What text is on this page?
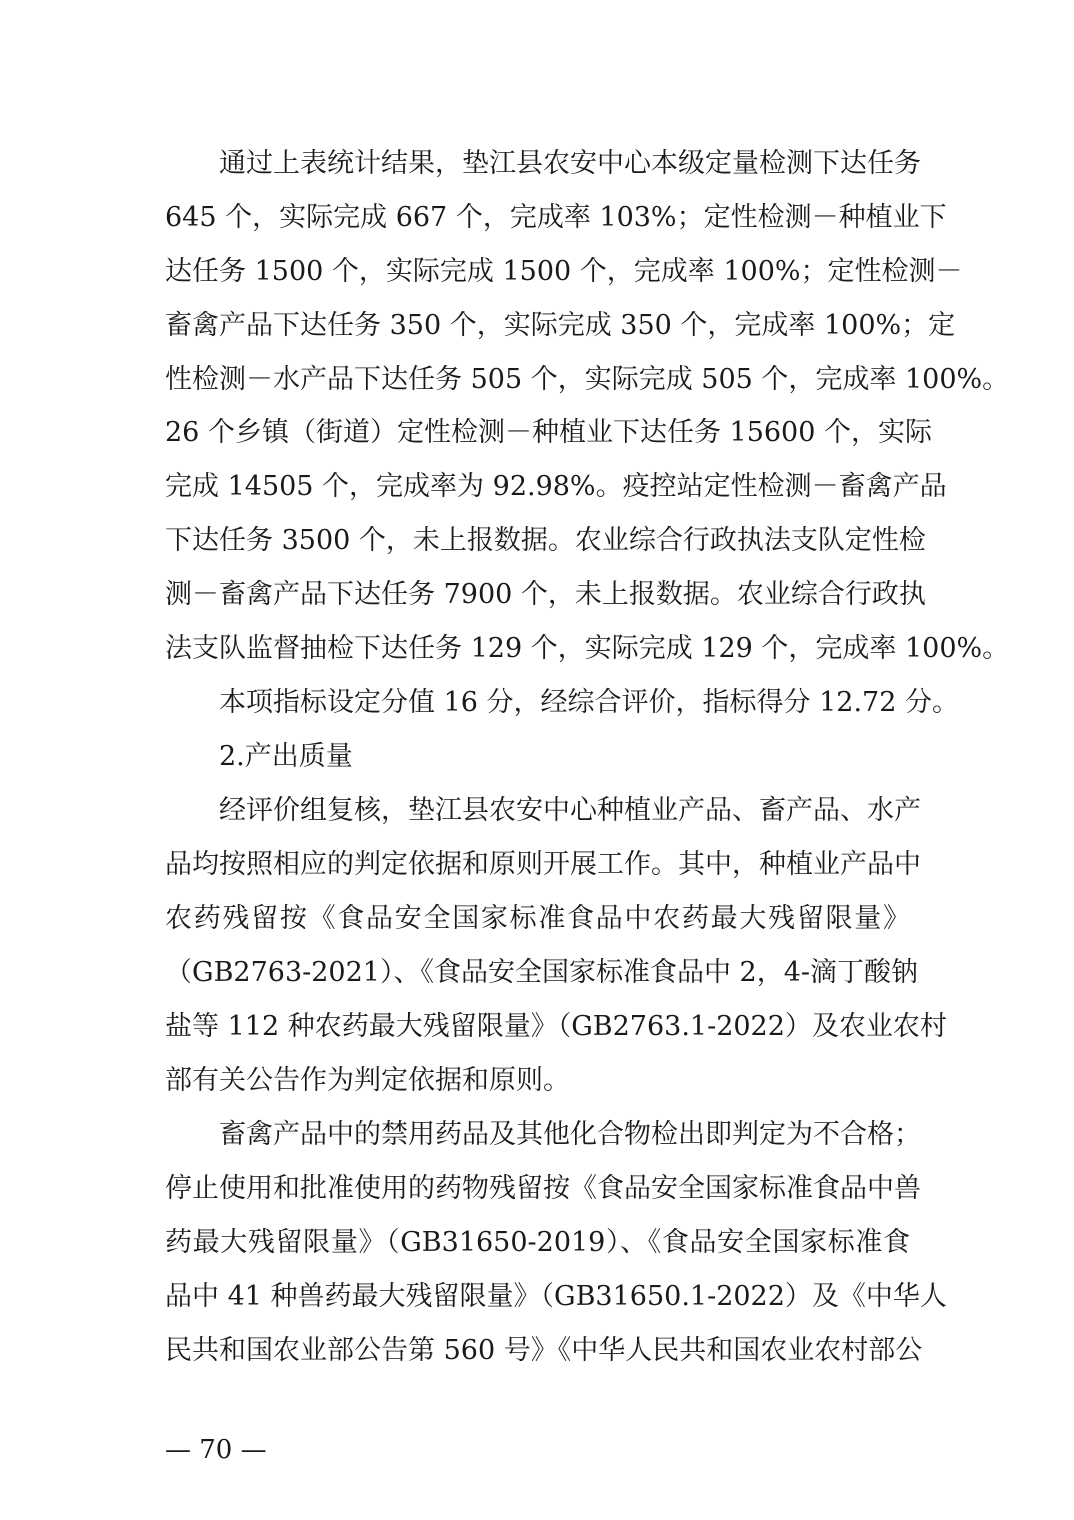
通过上表统计结果，垫江县农安中心本级定量检测下达任务
645 个，实际完成 667 个，完成率 103%；定性检测－种植业下
达任务 1500 个，实际完成 1500 个，完成率 100%；定性检测－
畜禽产品下达任务 350 个，实际完成 350 个，完成率 100%；定
性检测－水产品下达任务 505 个，实际完成 505 个，完成率 100%。
26 个乡镇（街道）定性检测－种植业下达任务 15600 个，实际
完成 14505 个，完成率为 92.98%。疫控站定性检测－畜禽产品
下达任务 3500 个，未上报数据。农业综合行政执法支队定性检
测－畜禽产品下达任务 7900 个，未上报数据。农业综合行政执
法支队监督抽检下达任务 129 个，实际完成 129 个，完成率 100%。
本项指标设定分值 16 分，经综合评价，指标得分 12.72 分。
2.产出质量
经评价组复核，垫江县农安中心种植业产品、畜产品、水产
品均按照相应的判定依据和原则开展工作。其中，种植业产品中
农药残留按《食品安全国家标准食品中农药最大残留限量》
（GB2763-2021）、《食品安全国家标准食品中 2，4-滴丁酸钠
盐等 112 种农药最大残留限量》（GB2763.1-2022）及农业农村
部有关公告作为判定依据和原则。
畜禽产品中的禁用药品及其他化合物检出即判定为不合格；
停止使用和批准使用的药物残留按《食品安全国家标准食品中兽
药最大残留限量》（GB31650-2019）、《食品安全国家标准食
品中 41 种兽药最大残留限量》（GB31650.1-2022）及《中华人
民共和国农业部公告第 560 号》《中华人民共和国农业农村部公
— 70 —
